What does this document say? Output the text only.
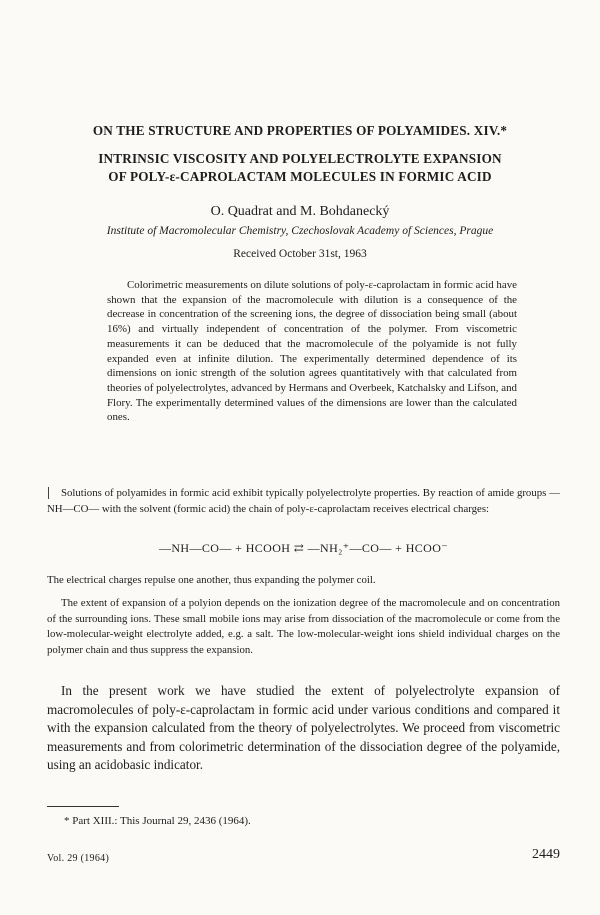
ON THE STRUCTURE AND PROPERTIES OF POLYAMIDES. XIV.*
INTRINSIC VISCOSITY AND POLYELECTROLYTE EXPANSION
OF POLY-ε-CAPROLACTAM MOLECULES IN FORMIC ACID
O. Quadrat and M. Bohdanecký
Institute of Macromolecular Chemistry, Czechoslovak Academy of Sciences, Prague
Received October 31st, 1963

Colorimetric measurements on dilute solutions of poly-ε-caprolactam in formic acid have shown that the expansion of the macromolecule with dilution is a consequence of the decrease in concentration of the screening ions, the degree of dissociation being small (about 16%) and virtually independent of concentration of the polymer. From viscometric measurements it can be deduced that the macromolecule of the polyamide is not fully expanded even at infinite dilution. The experimentally determined dependence of its dimensions on ionic strength of the solution agrees quantitatively with that calculated from theories of polyelectrolytes, advanced by Hermans and Overbeek, Katchalsky and Lifson, and Flory. The experimentally determined values of the dimensions are lower than the calculated ones.

Solutions of polyamides in formic acid exhibit typically polyelectrolyte properties. By reaction of amide groups —NH—CO— with the solvent (formic acid) the chain of poly-ε-caprolactam receives electrical charges:

—NH—CO— + HCOOH ⇄ —NH₂⁺—CO— + HCOO⁻

The electrical charges repulse one another, thus expanding the polymer coil.

The extent of expansion of a polyion depends on the ionization degree of the macromolecule and on concentration of the surrounding ions. These small mobile ions may arise from dissociation of the macromolecule or come from the low-molecular-weight electrolyte added, e.g. a salt. The low-molecular-weight ions shield individual charges on the polymer chain and thus suppress the expansion.

In the present work we have studied the extent of polyelectrolyte expansion of macromolecules of poly-ε-caprolactam in formic acid under various conditions and compared it with the expansion calculated from the theory of polyelectrolytes. We proceed from viscometric measurements and from colorimetric determination of the dissociation degree of the polyamide, using an acidobasic indicator.

* Part XIII.: This Journal 29, 2436 (1964).
Vol. 29 (1964)	2449
